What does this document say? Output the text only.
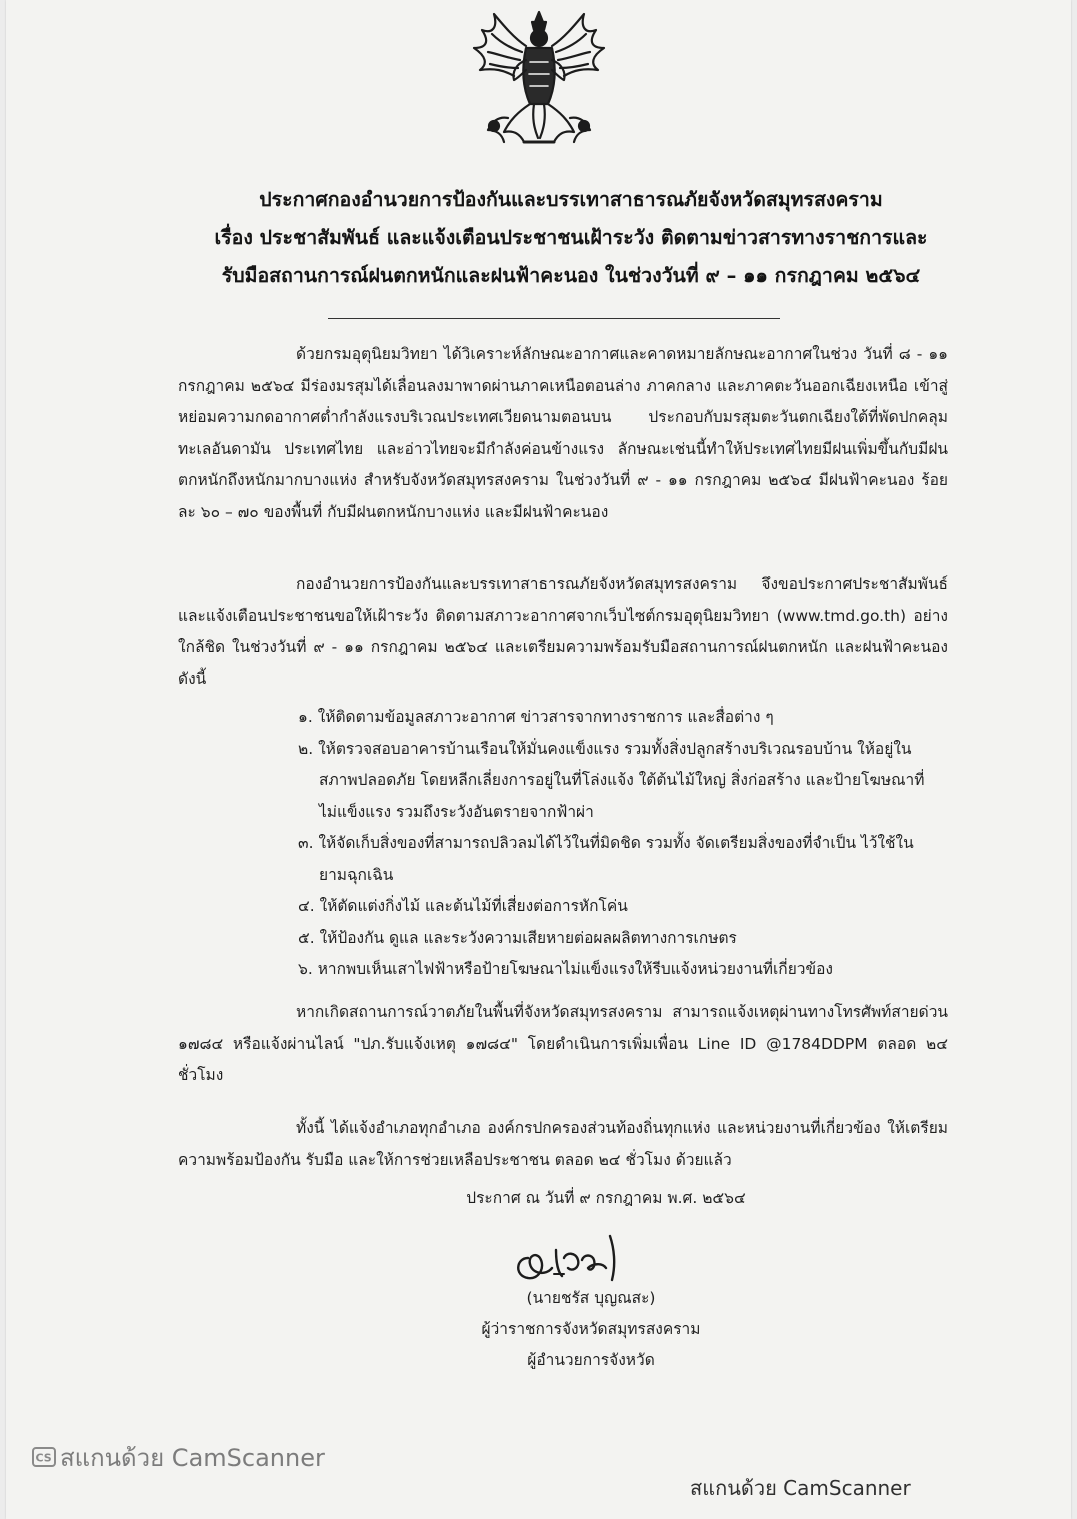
ประกาศกองอำนวยการป้องกันและบรรเทาสาธารณภัยจังหวัดสมุทรสงคราม
เรื่อง ประชาสัมพันธ์ และแจ้งเตือนประชาชนเฝ้าระวัง ติดตามข่าวสารทางราชการและ
รับมือสถานการณ์ฝนตกหนักและฝนฟ้าคะนอง ในช่วงวันที่ ๙ – ๑๑ กรกฎาคม ๒๕๖๔

ด้วยกรมอุตุนิยมวิทยา ได้วิเคราะห์ลักษณะอากาศและคาดหมายลักษณะอากาศในช่วง วันที่ ๘ - ๑๑ กรกฎาคม ๒๕๖๔ มีร่องมรสุมได้เลื่อนลงมาพาดผ่านภาคเหนือตอนล่าง ภาคกลาง และภาคตะวันออกเฉียงเหนือ เข้าสู่หย่อมความกดอากาศต่ำกำลังแรงบริเวณประเทศเวียดนามตอนบน ประกอบกับมรสุมตะวันตกเฉียงใต้ที่พัดปกคลุมทะเลอันดามัน ประเทศไทย และอ่าวไทยจะมีกำลังค่อนข้างแรง ลักษณะเช่นนี้ทำให้ประเทศไทยมีฝนเพิ่มขึ้นกับมีฝนตกหนักถึงหนักมากบางแห่ง สำหรับจังหวัดสมุทรสงคราม ในช่วงวันที่ ๙ - ๑๑ กรกฎาคม ๒๕๖๔ มีฝนฟ้าคะนอง ร้อยละ ๖๐ – ๗๐ ของพื้นที่ กับมีฝนตกหนักบางแห่ง และมีฝนฟ้าคะนอง

กองอำนวยการป้องกันและบรรเทาสาธารณภัยจังหวัดสมุทรสงคราม จึงขอประกาศประชาสัมพันธ์และแจ้งเตือนประชาชนขอให้เฝ้าระวัง ติดตามสภาวะอากาศจากเว็บไซต์กรมอุตุนิยมวิทยา (www.tmd.go.th) อย่างใกล้ชิด ในช่วงวันที่ ๙ - ๑๑ กรกฎาคม ๒๕๖๔ และเตรียมความพร้อมรับมือสถานการณ์ฝนตกหนัก และฝนฟ้าคะนอง ดังนี้

๑. ให้ติดตามข้อมูลสภาวะอากาศ ข่าวสารจากทางราชการ และสื่อต่าง ๆ
๒. ให้ตรวจสอบอาคารบ้านเรือนให้มั่นคงแข็งแรง รวมทั้งสิ่งปลูกสร้างบริเวณรอบบ้าน ให้อยู่ในสภาพปลอดภัย โดยหลีกเลี่ยงการอยู่ในที่โล่งแจ้ง ใต้ต้นไม้ใหญ่ สิ่งก่อสร้าง และป้ายโฆษณาที่ไม่แข็งแรง รวมถึงระวังอันตรายจากฟ้าผ่า
๓. ให้จัดเก็บสิ่งของที่สามารถปลิวลมได้ไว้ในที่มิดชิด รวมทั้ง จัดเตรียมสิ่งของที่จำเป็น ไว้ใช้ในยามฉุกเฉิน
๔. ให้ตัดแต่งกิ่งไม้ และต้นไม้ที่เสี่ยงต่อการหักโค่น
๕. ให้ป้องกัน ดูแล และระวังความเสียหายต่อผลผลิตทางการเกษตร
๖. หากพบเห็นเสาไฟฟ้าหรือป้ายโฆษณาไม่แข็งแรงให้รีบแจ้งหน่วยงานที่เกี่ยวข้อง

หากเกิดสถานการณ์วาตภัยในพื้นที่จังหวัดสมุทรสงคราม สามารถแจ้งเหตุผ่านทางโทรศัพท์สายด่วน ๑๗๘๔ หรือแจ้งผ่านไลน์ "ปภ.รับแจ้งเหตุ ๑๗๘๔" โดยดำเนินการเพิ่มเพื่อน Line ID @1784DDPM ตลอด ๒๔ ชั่วโมง

ทั้งนี้ ได้แจ้งอำเภอทุกอำเภอ องค์กรปกครองส่วนท้องถิ่นทุกแห่ง และหน่วยงานที่เกี่ยวข้อง ให้เตรียมความพร้อมป้องกัน รับมือ และให้การช่วยเหลือประชาชน ตลอด ๒๔ ชั่วโมง ด้วยแล้ว

ประกาศ ณ วันที่ ๙ กรกฎาคม พ.ศ. ๒๕๖๔
(นายชรัส บุญณสะ)
ผู้ว่าราชการจังหวัดสมุทรสงคราม
ผู้อำนวยการจังหวัด
CS สแกนด้วย CamScanner
สแกนด้วย CamScanner
